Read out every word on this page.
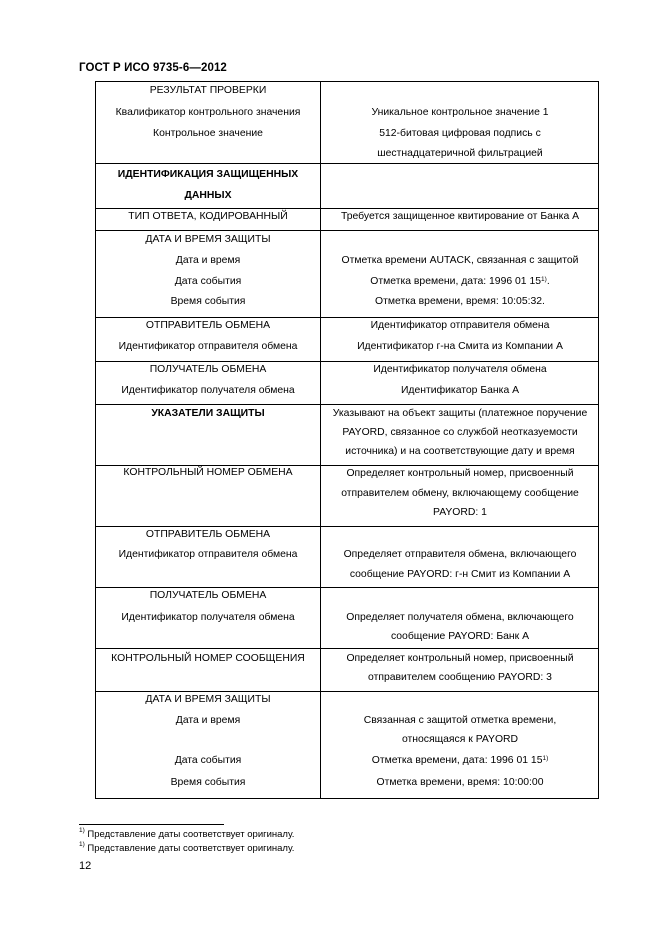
ГОСТ Р ИСО 9735-6—2012
РЕЗУЛЬТАТ ПРОВЕРКИ
Квалификатор контрольного значения	Уникальное контрольное значение 1
Контрольное значение	512-битовая цифровая подпись с
шестнадцатеричной фильтрацией
ИДЕНТИФИКАЦИЯ ЗАЩИЩЕННЫХ
ДАННЫХ
ТИП ОТВЕТА, КОДИРОВАННЫЙ	Требуется защищенное квитирование от Банка А
ДАТА И ВРЕМЯ ЗАЩИТЫ
Дата и время	Отметка времени AUTACK, связанная с защитой
Дата события	Отметка времени, дата: 1996 01 15$^{1)}$.
Время события	Отметка времени, время: 10:05:32.
ОТПРАВИТЕЛЬ ОБМЕНА	Идентификатор отправителя обмена
Идентификатор отправителя обмена	Идентификатор г-на Смита из Компании А
ПОЛУЧАТЕЛЬ ОБМЕНА	Идентификатор получателя обмена
Идентификатор получателя обмена	Идентификатор Банка А
УКАЗАТЕЛИ ЗАЩИТЫ	Указывают на объект защиты (платежное поручение
PAYORD, связанное со службой неотказуемости
источника) и на соответствующие дату и время
КОНТРОЛЬНЫЙ НОМЕР ОБМЕНА	Определяет контрольный номер, присвоенный
отправителем обмену, включающему сообщение
PAYORD: 1
ОТПРАВИТЕЛЬ ОБМЕНА
Идентификатор отправителя обмена	Определяет отправителя обмена, включающего
сообщение PAYORD: г-н Смит из Компании А
ПОЛУЧАТЕЛЬ ОБМЕНА
Идентификатор получателя обмена	Определяет получателя обмена, включающего
сообщение PAYORD: Банк А
КОНТРОЛЬНЫЙ НОМЕР СООБЩЕНИЯ	Определяет контрольный номер, присвоенный
отправителем сообщению PAYORD: 3
ДАТА И ВРЕМЯ ЗАЩИТЫ
Дата и время	Связанная с защитой отметка времени,
относящаяся к PAYORD
Дата события	Отметка времени, дата: 1996 01 15$^{1)}$
Время события	Отметка времени, время: 10:00:00
$^{1)}$ Представление даты соответствует оригиналу.
$^{1)}$ Представление даты соответствует оригиналу.
12
